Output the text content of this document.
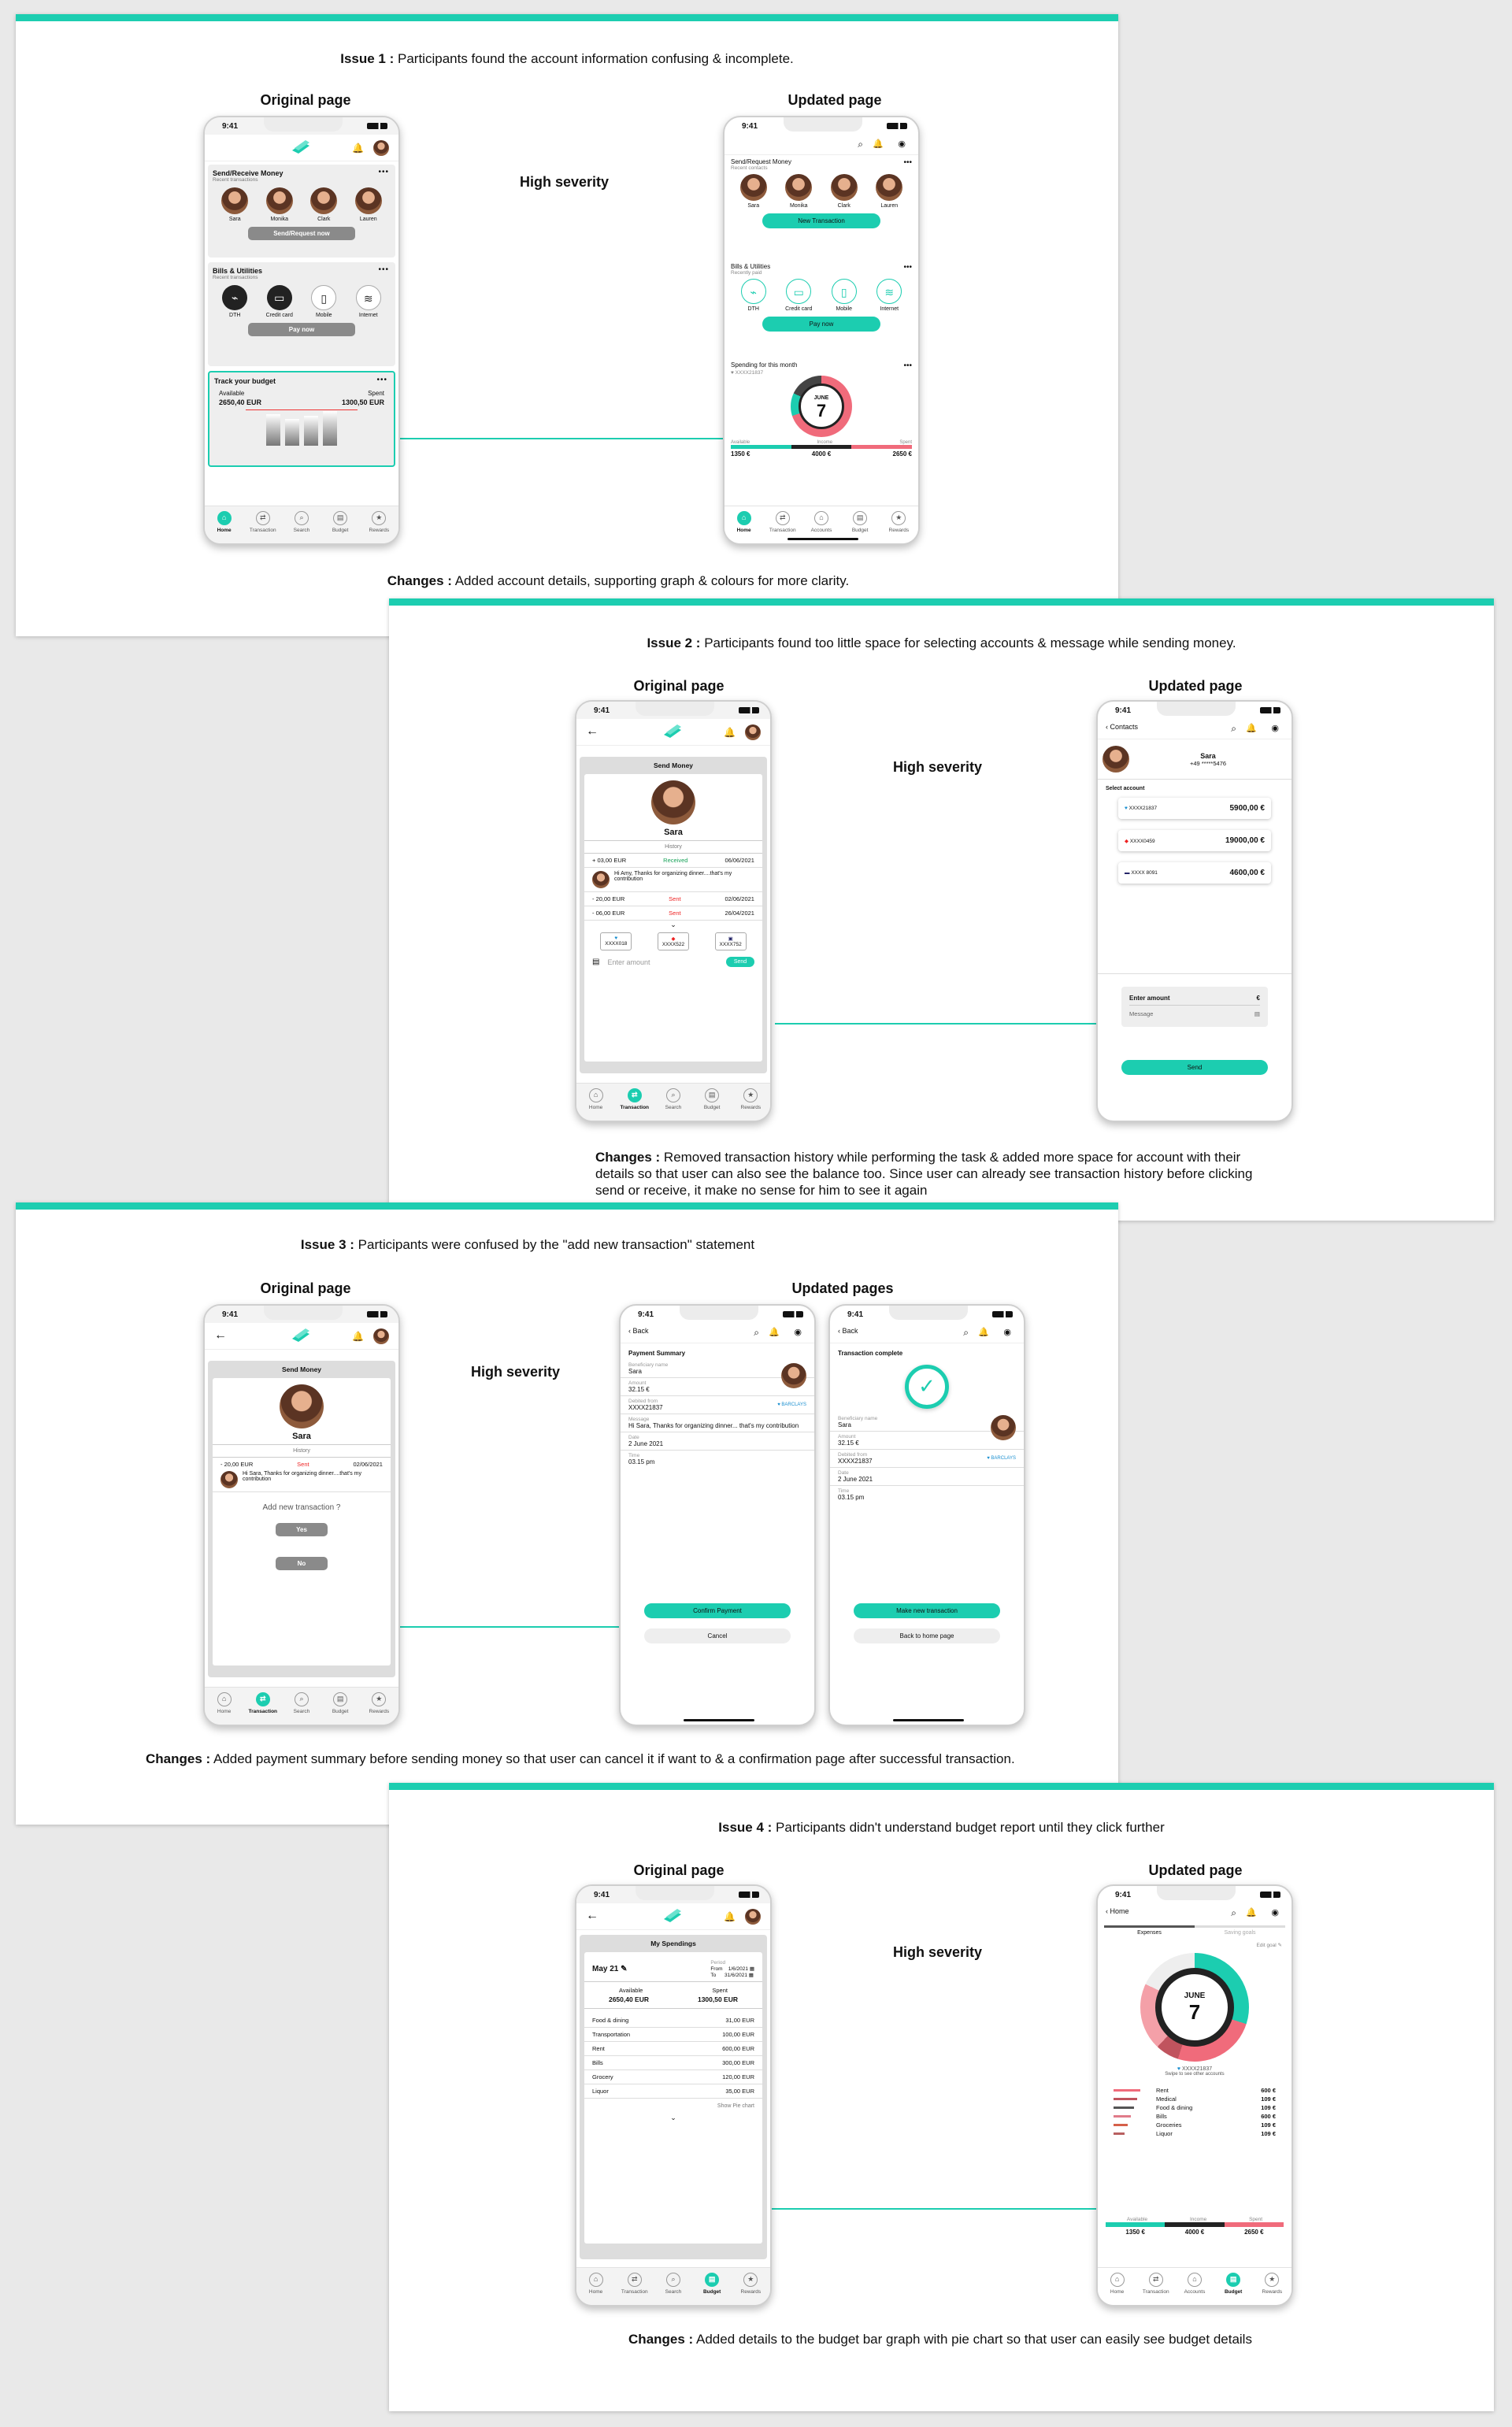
Issue 1 : Participants found the account information confusing & incomplete.
Original page	Updated page
High severity
Changes : Added account details, supporting graph & colours for more clarity.
9:41
🔔
Send/Receive Money
Recent transactions
•••
Sara	Monika	Clark	Lauren
Send/Request now
Bills & Utilities
Recent transactions
•••
⌁
DTH
▭
Credit card
▯
Mobile
≋
Internet
Pay now
Track your budget	•••
Available	Spent
2650,40 EUR	1300,50 EUR
⌂
Home
⇄
Transaction
⌕
Search
▤
Budget
★
Rewards
9:41
⌕ 🔔 ◉
Send/Request Money
Recent contacts
•••
Sara	Monika	Clark	Lauren
New Transaction
Bills & Utilities
Recently paid
•••
⌁
DTH
▭
Credit card
▯
Mobile
≋
Internet
Pay now
Spending for this month	•••
♥ XXXX21837
JUNE
7
Available	Income	Spent
1350 €	4000 €	2650 €
⌂
Home
⇄
Transaction
⌂
Accounts
▤
Budget
★
Rewards
Issue 2 : Participants found too little space for selecting accounts & message while sending money.
Original page	Updated page
High severity
Changes : Removed transaction history while performing the task & added more space for account with their details so that user can also see the balance too. Since user can already see transaction history before clicking send or receive, it make no sense for him to see it again
9:41
←	🔔
Send Money
Sara
History
+ 03,00 EUR	Received	06/06/2021
Hi Amy, Thanks for organizing dinner....that's my contribution
- 20,00 EUR	Sent	02/06/2021
- 06,00 EUR	Sent	26/04/2021
⌄
♥
XXXX018
◆
XXXX522
▣
XXXX752
▤ Enter amount	Send
⌂
Home
⇄
Transaction
⌕
Search
▤
Budget
★
Rewards
9:41
‹ Contacts	⌕ 🔔 ◉
Sara
+49 *****5476
Select account
♥ XXXX21837	5900,00 €
◆ XXXX0459	19000,00 €
▬ XXXX 8091	4600,00 €
Enter amount	€
Message	▤
Send
Issue 3 : Participants were confused by the "add new transaction" statement
Original page	Updated pages
High severity
Changes : Added payment summary before sending money so that user can cancel it if want to & a confirmation page after successful transaction.
9:41
←	🔔
Send Money
Sara
History
- 20,00 EUR	Sent	02/06/2021
Hi Sara, Thanks for organizing dinner....that's my contribution
Add new transaction ?
Yes
No
⌂
Home
⇄
Transaction
⌕
Search
▤
Budget
★
Rewards
9:41
‹ Back	⌕ 🔔 ◉
Payment Summary
Beneficiary name
Sara
Amount
32.15 €
Debited from
XXXX21837	♥ BARCLAYS
Message
Hi Sara, Thanks for organizing dinner... that's my contribution
Date
2 June 2021
Time
03.15 pm
Confirm Payment
Cancel
9:41
‹ Back	⌕ 🔔 ◉
Transaction complete
✓
Beneficiary name
Sara
Amount
32.15 €
Debited from
XXXX21837	♥ BARCLAYS
Date
2 June 2021
Time
03.15 pm
Make new transaction
Back to home page
Issue 4 : Participants didn't understand budget report until they click further
Original page	Updated page
High severity
Changes : Added details to the budget bar graph with pie chart so that user can easily see budget details
9:41
←	🔔
My Spendings
May 21 ✎
Period
From 1/6/2021 ▦
To 31/6/2021 ▦
Available	Spent
2650,40 EUR	1300,50 EUR
Food & dining	31,00 EUR
Transportation	100,00 EUR
Rent	600,00 EUR
Bills	300,00 EUR
Grocery	120,00 EUR
Liquor	35,00 EUR
Show Pie chart
⌄
⌂
Home
⇄
Transaction
⌕
Search
▤
Budget
★
Rewards
9:41
‹ Home	⌕ 🔔 ◉
Expenses	Saving goals
Edit goal ✎
JUNE
7
♥ XXXX21837
Swipe to see other accounts
Rent	600 €
Medical	109 €
Food & dining	109 €
Bills	600 €
Groceries	109 €
Liquor	109 €
Available	Income	Spent
1350 €	4000 €	2650 €
⌂
Home
⇄
Transaction
⌂
Accounts
▤
Budget
★
Rewards
